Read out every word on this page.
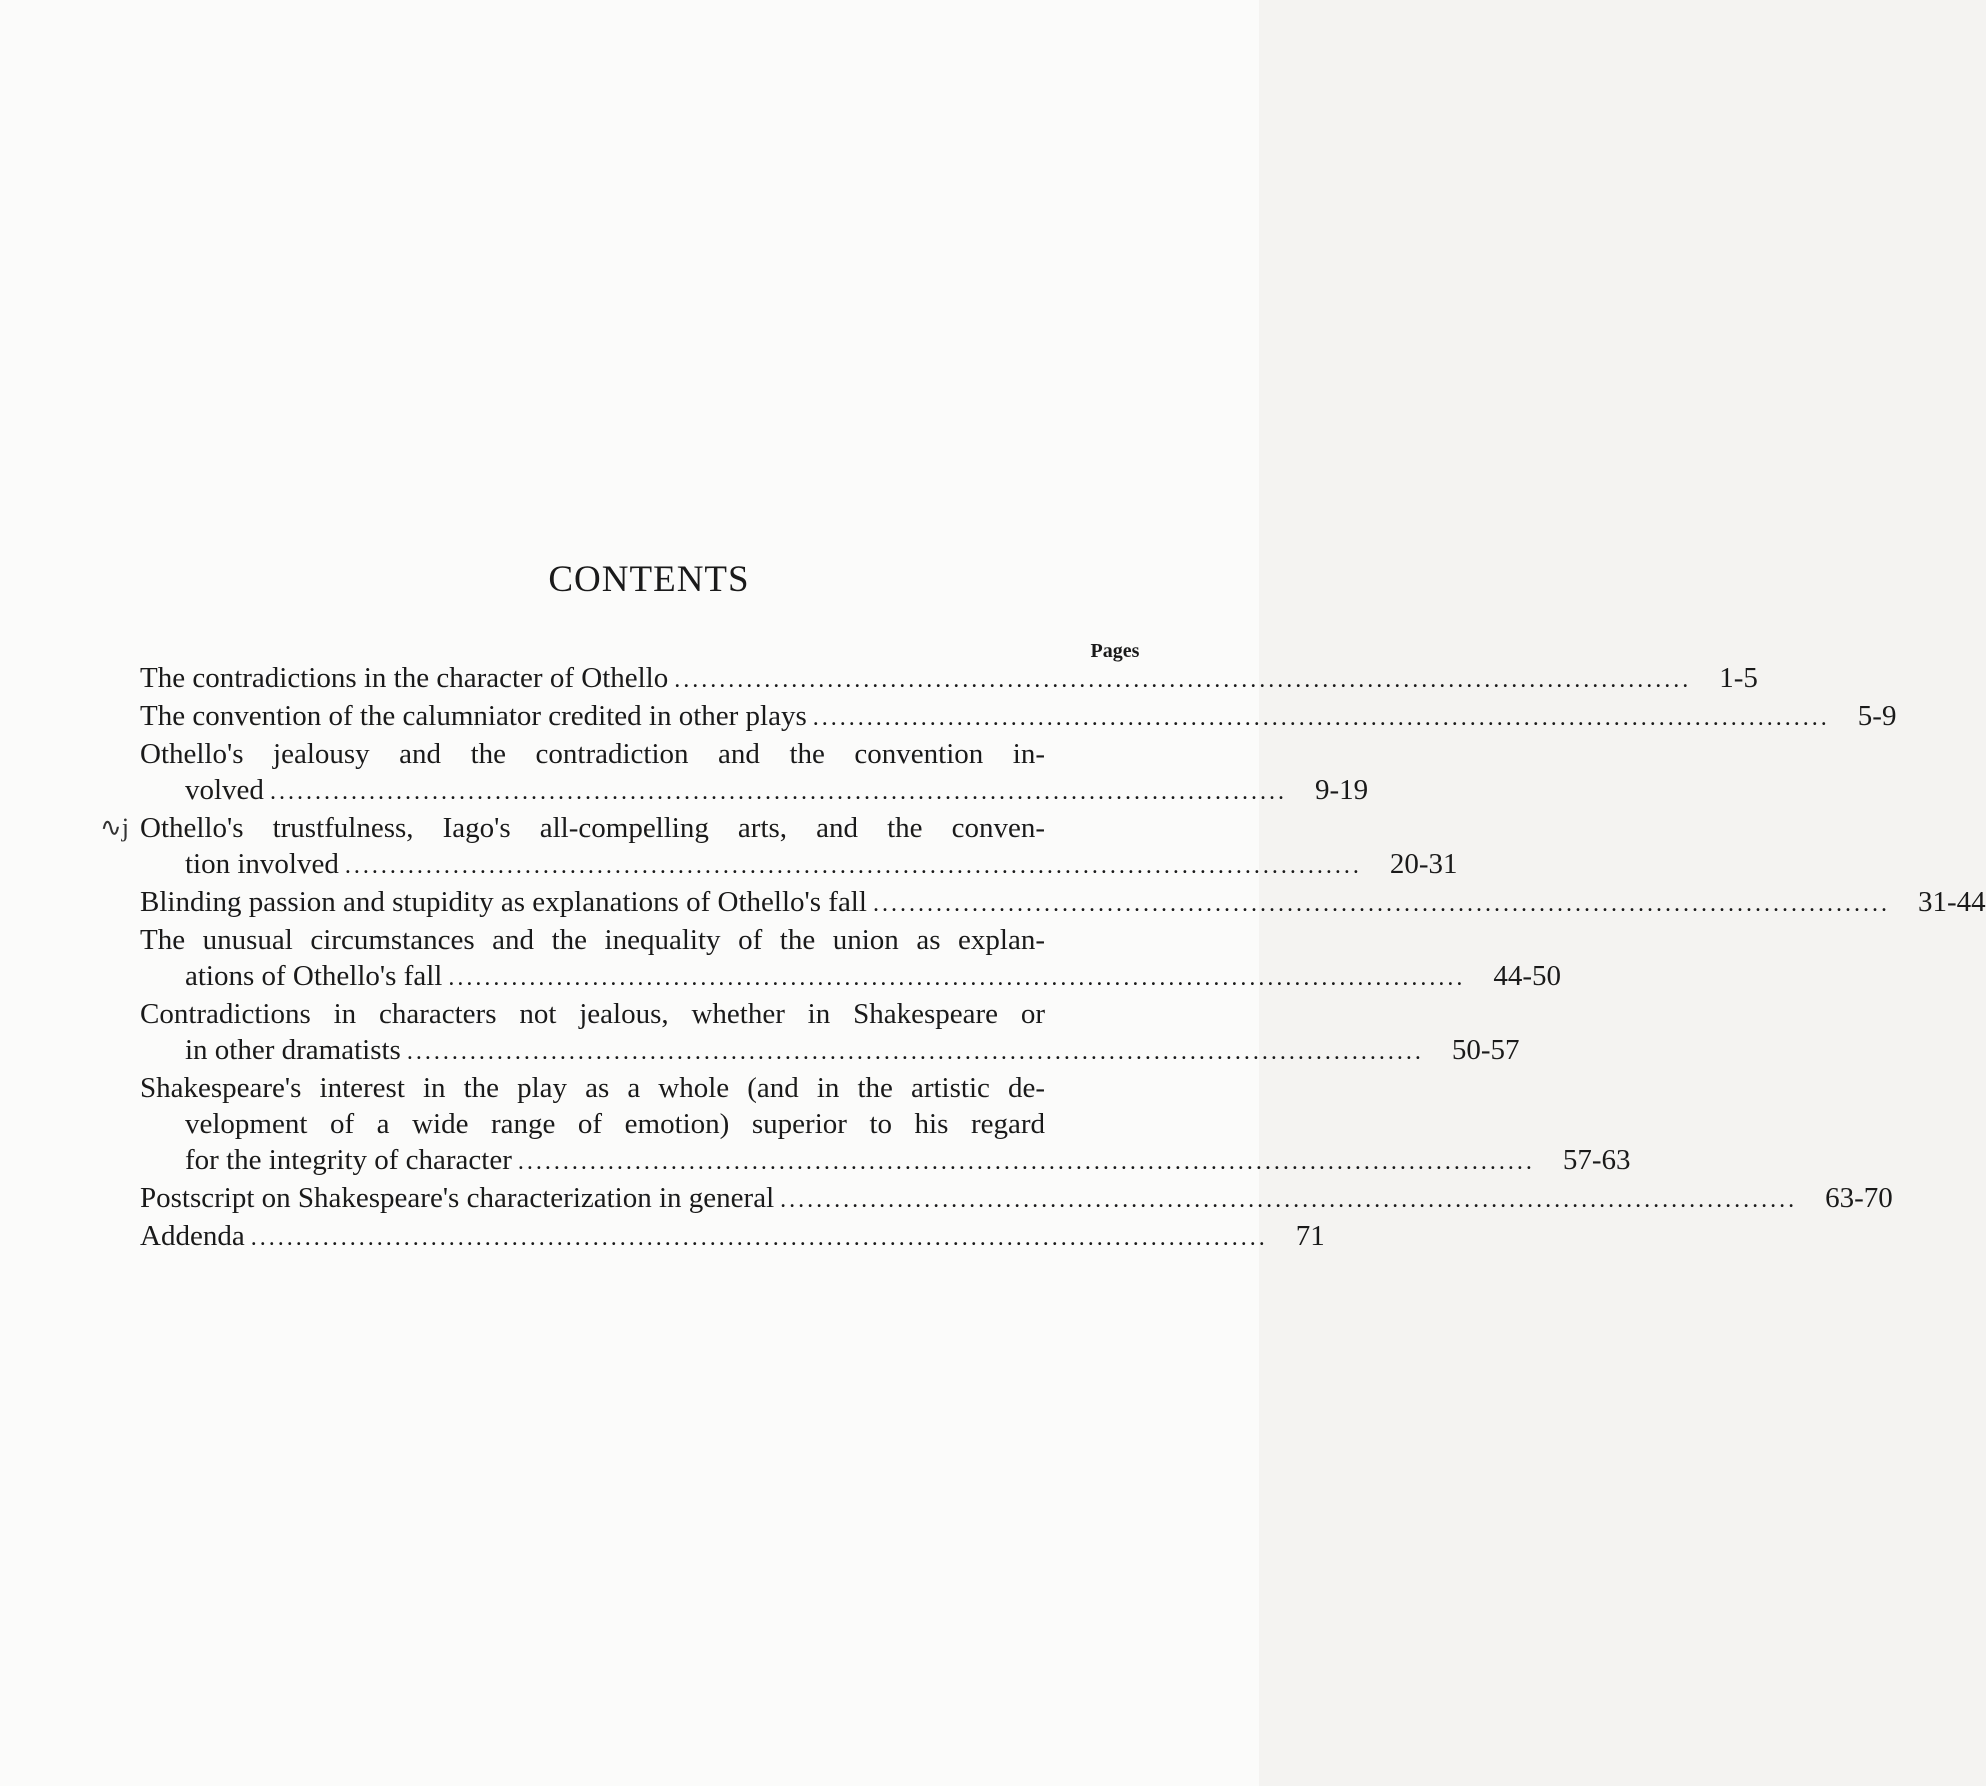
CONTENTS
Pages
∿j
The contradictions in the character of Othello ................................................................................................................. 1-5
The convention of the calumniator credited in other plays ................................................................................................................. 5-9
Othello's jealousy and the contradiction and the convention in-
volved ................................................................................................................. 9-19
Othello's trustfulness, Iago's all-compelling arts, and the conven-
tion involved ................................................................................................................. 20-31
Blinding passion and stupidity as explanations of Othello's fall ................................................................................................................. 31-44
The unusual circumstances and the inequality of the union as explan-
ations of Othello's fall ................................................................................................................. 44-50
Contradictions in characters not jealous, whether in Shakespeare or
in other dramatists ................................................................................................................. 50-57
Shakespeare's interest in the play as a whole (and in the artistic de-
velopment of a wide range of emotion) superior to his regard
for the integrity of character ................................................................................................................. 57-63
Postscript on Shakespeare's characterization in general ................................................................................................................. 63-70
Addenda ................................................................................................................. 71
